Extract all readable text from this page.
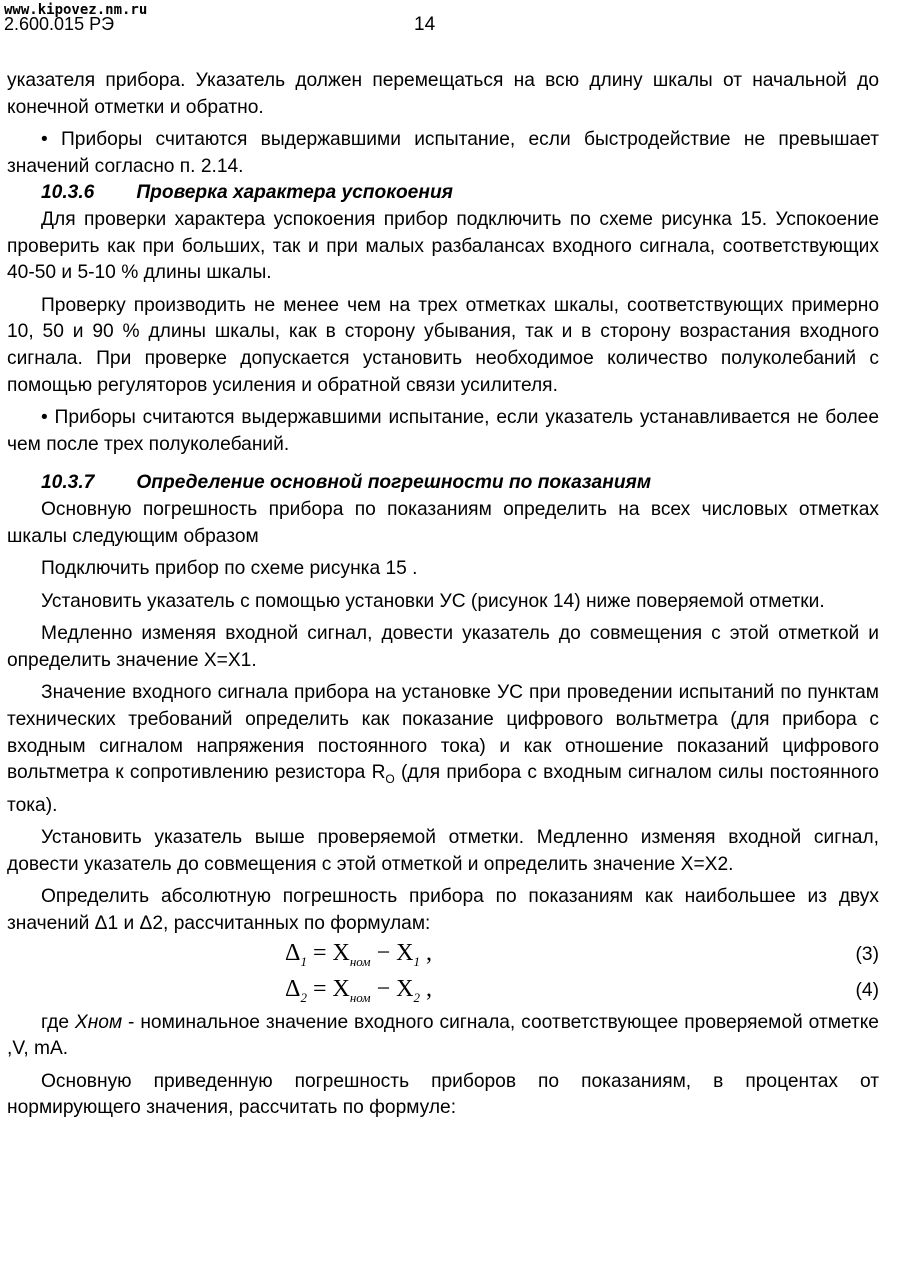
www.kipovez.nm.ru
2.600.015 РЭ	14

указателя прибора. Указатель должен перемещаться на всю длину шкалы от начальной до конечной отметки и обратно.

• Приборы считаются выдержавшими испытание, если быстродействие не превышает значений согласно п. 2.14.

10.3.6 Проверка характера успокоения

Для проверки характера успокоения прибор подключить по схеме рисунка 15. Успокоение проверить как при больших, так и при малых разбалансах входного сигнала, соответствующих 40-50 и 5-10 % длины шкалы.

Проверку производить не менее чем на трех отметках шкалы, соответствующих примерно 10, 50 и 90 % длины шкалы, как в сторону убывания, так и в сторону возрастания входного сигнала. При проверке допускается установить необходимое количество полуколебаний с помощью регуляторов усиления и обратной связи усилителя.

• Приборы считаются выдержавшими испытание, если указатель устанавливается не более чем после трех полуколебаний.

10.3.7 Определение основной погрешности по показаниям

Основную погрешность прибора по показаниям определить на всех числовых отметках шкалы следующим образом

Подключить прибор по схеме рисунка 15 .

Установить указатель с помощью установки УС (рисунок 14) ниже поверяемой отметки.

Медленно изменяя входной сигнал, довести указатель до совмещения с этой отметкой и определить значение X=X1.

Значение входного сигнала прибора на установке УС при проведении испытаний по пунктам технических требований определить как показание цифрового вольтметра (для прибора с входным сигналом напряжения постоянного тока) и как отношение показаний цифрового вольтметра к сопротивлению резистора $R_О$ (для прибора с входным сигналом силы постоянного тока).

Установить указатель выше проверяемой отметки. Медленно изменяя входной сигнал, довести указатель до совмещения с этой отметкой и определить значение X=X2.

Определить абсолютную погрешность прибора по показаниям как наибольшее из двух значений Δ1 и Δ2, рассчитанных по формулам:

$\Delta_1 = X_{ном} - X_1$ ,	(3)
$\Delta_2 = X_{ном} - X_2$ ,	(4)

где Хном - номинальное значение входного сигнала, соответствующее проверяемой отметке ,V, mA.

Основную приведенную погрешность приборов по показаниям, в процентах от нормирующего значения, рассчитать по формуле:
